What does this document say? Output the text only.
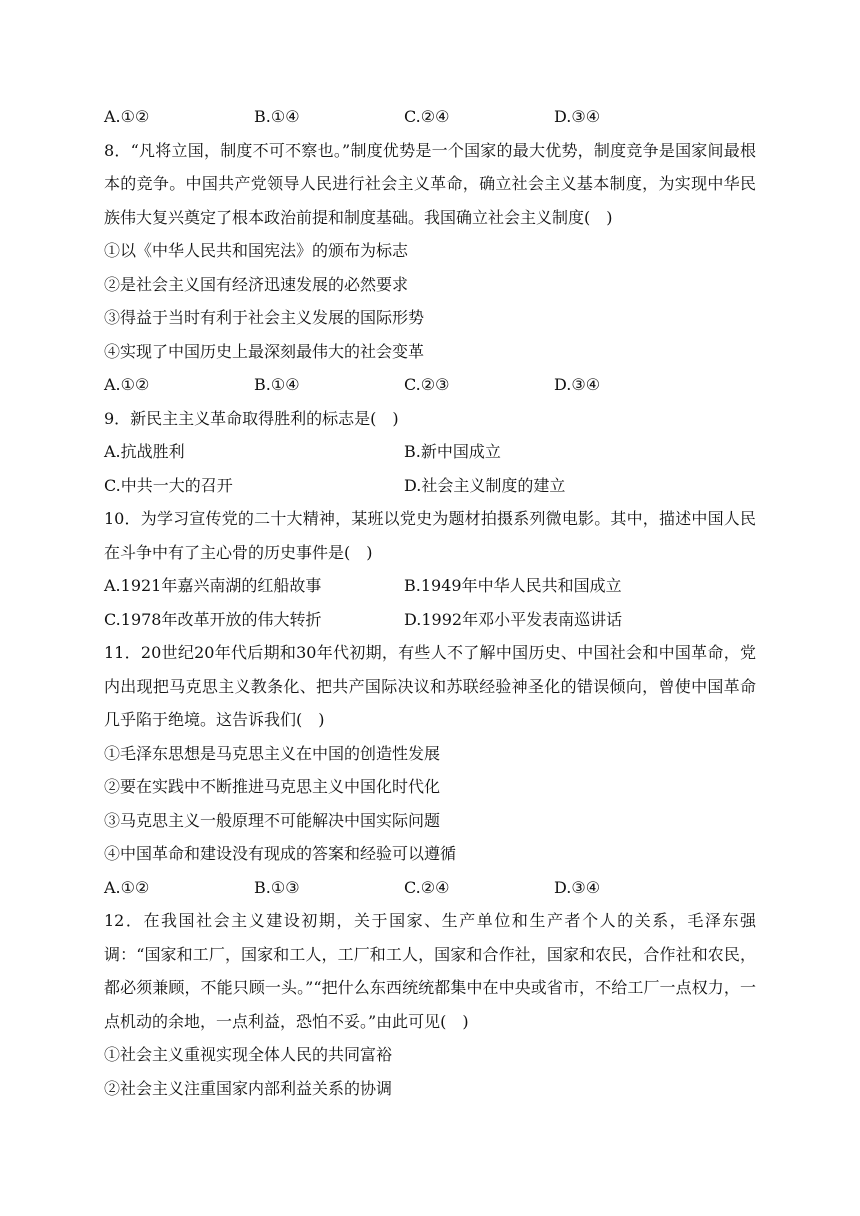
A.①②	B.①④	C.②④	D.③④
8．“凡将立国，制度不可不察也。”制度优势是一个国家的最大优势，制度竞争是国家间最根本的竞争。中国共产党领导人民进行社会主义革命，确立社会主义基本制度，为实现中华民族伟大复兴奠定了根本政治前提和制度基础。我国确立社会主义制度(　)
①以《中华人民共和国宪法》的颁布为标志
②是社会主义国有经济迅速发展的必然要求
③得益于当时有利于社会主义发展的国际形势
④实现了中国历史上最深刻最伟大的社会变革
A.①②	B.①④	C.②③	D.③④
9．新民主主义革命取得胜利的标志是(　)
A.抗战胜利	B.新中国成立
C.中共一大的召开	D.社会主义制度的建立
10．为学习宣传党的二十大精神，某班以党史为题材拍摄系列微电影。其中，描述中国人民在斗争中有了主心骨的历史事件是(　)
A.1921年嘉兴南湖的红船故事	B.1949年中华人民共和国成立
C.1978年改革开放的伟大转折	D.1992年邓小平发表南巡讲话
11．20世纪20年代后期和30年代初期，有些人不了解中国历史、中国社会和中国革命，党内出现把马克思主义教条化、把共产国际决议和苏联经验神圣化的错误倾向，曾使中国革命几乎陷于绝境。这告诉我们(　)
①毛泽东思想是马克思主义在中国的创造性发展
②要在实践中不断推进马克思主义中国化时代化
③马克思主义一般原理不可能解决中国实际问题
④中国革命和建设没有现成的答案和经验可以遵循
A.①②	B.①③	C.②④	D.③④
12．在我国社会主义建设初期，关于国家、生产单位和生产者个人的关系，毛泽东强调：“国家和工厂，国家和工人，工厂和工人，国家和合作社，国家和农民，合作社和农民，都必须兼顾，不能只顾一头。”“把什么东西统统都集中在中央或省市，不给工厂一点权力，一点机动的余地，一点利益，恐怕不妥。”由此可见(　)
①社会主义重视实现全体人民的共同富裕
②社会主义注重国家内部利益关系的协调
